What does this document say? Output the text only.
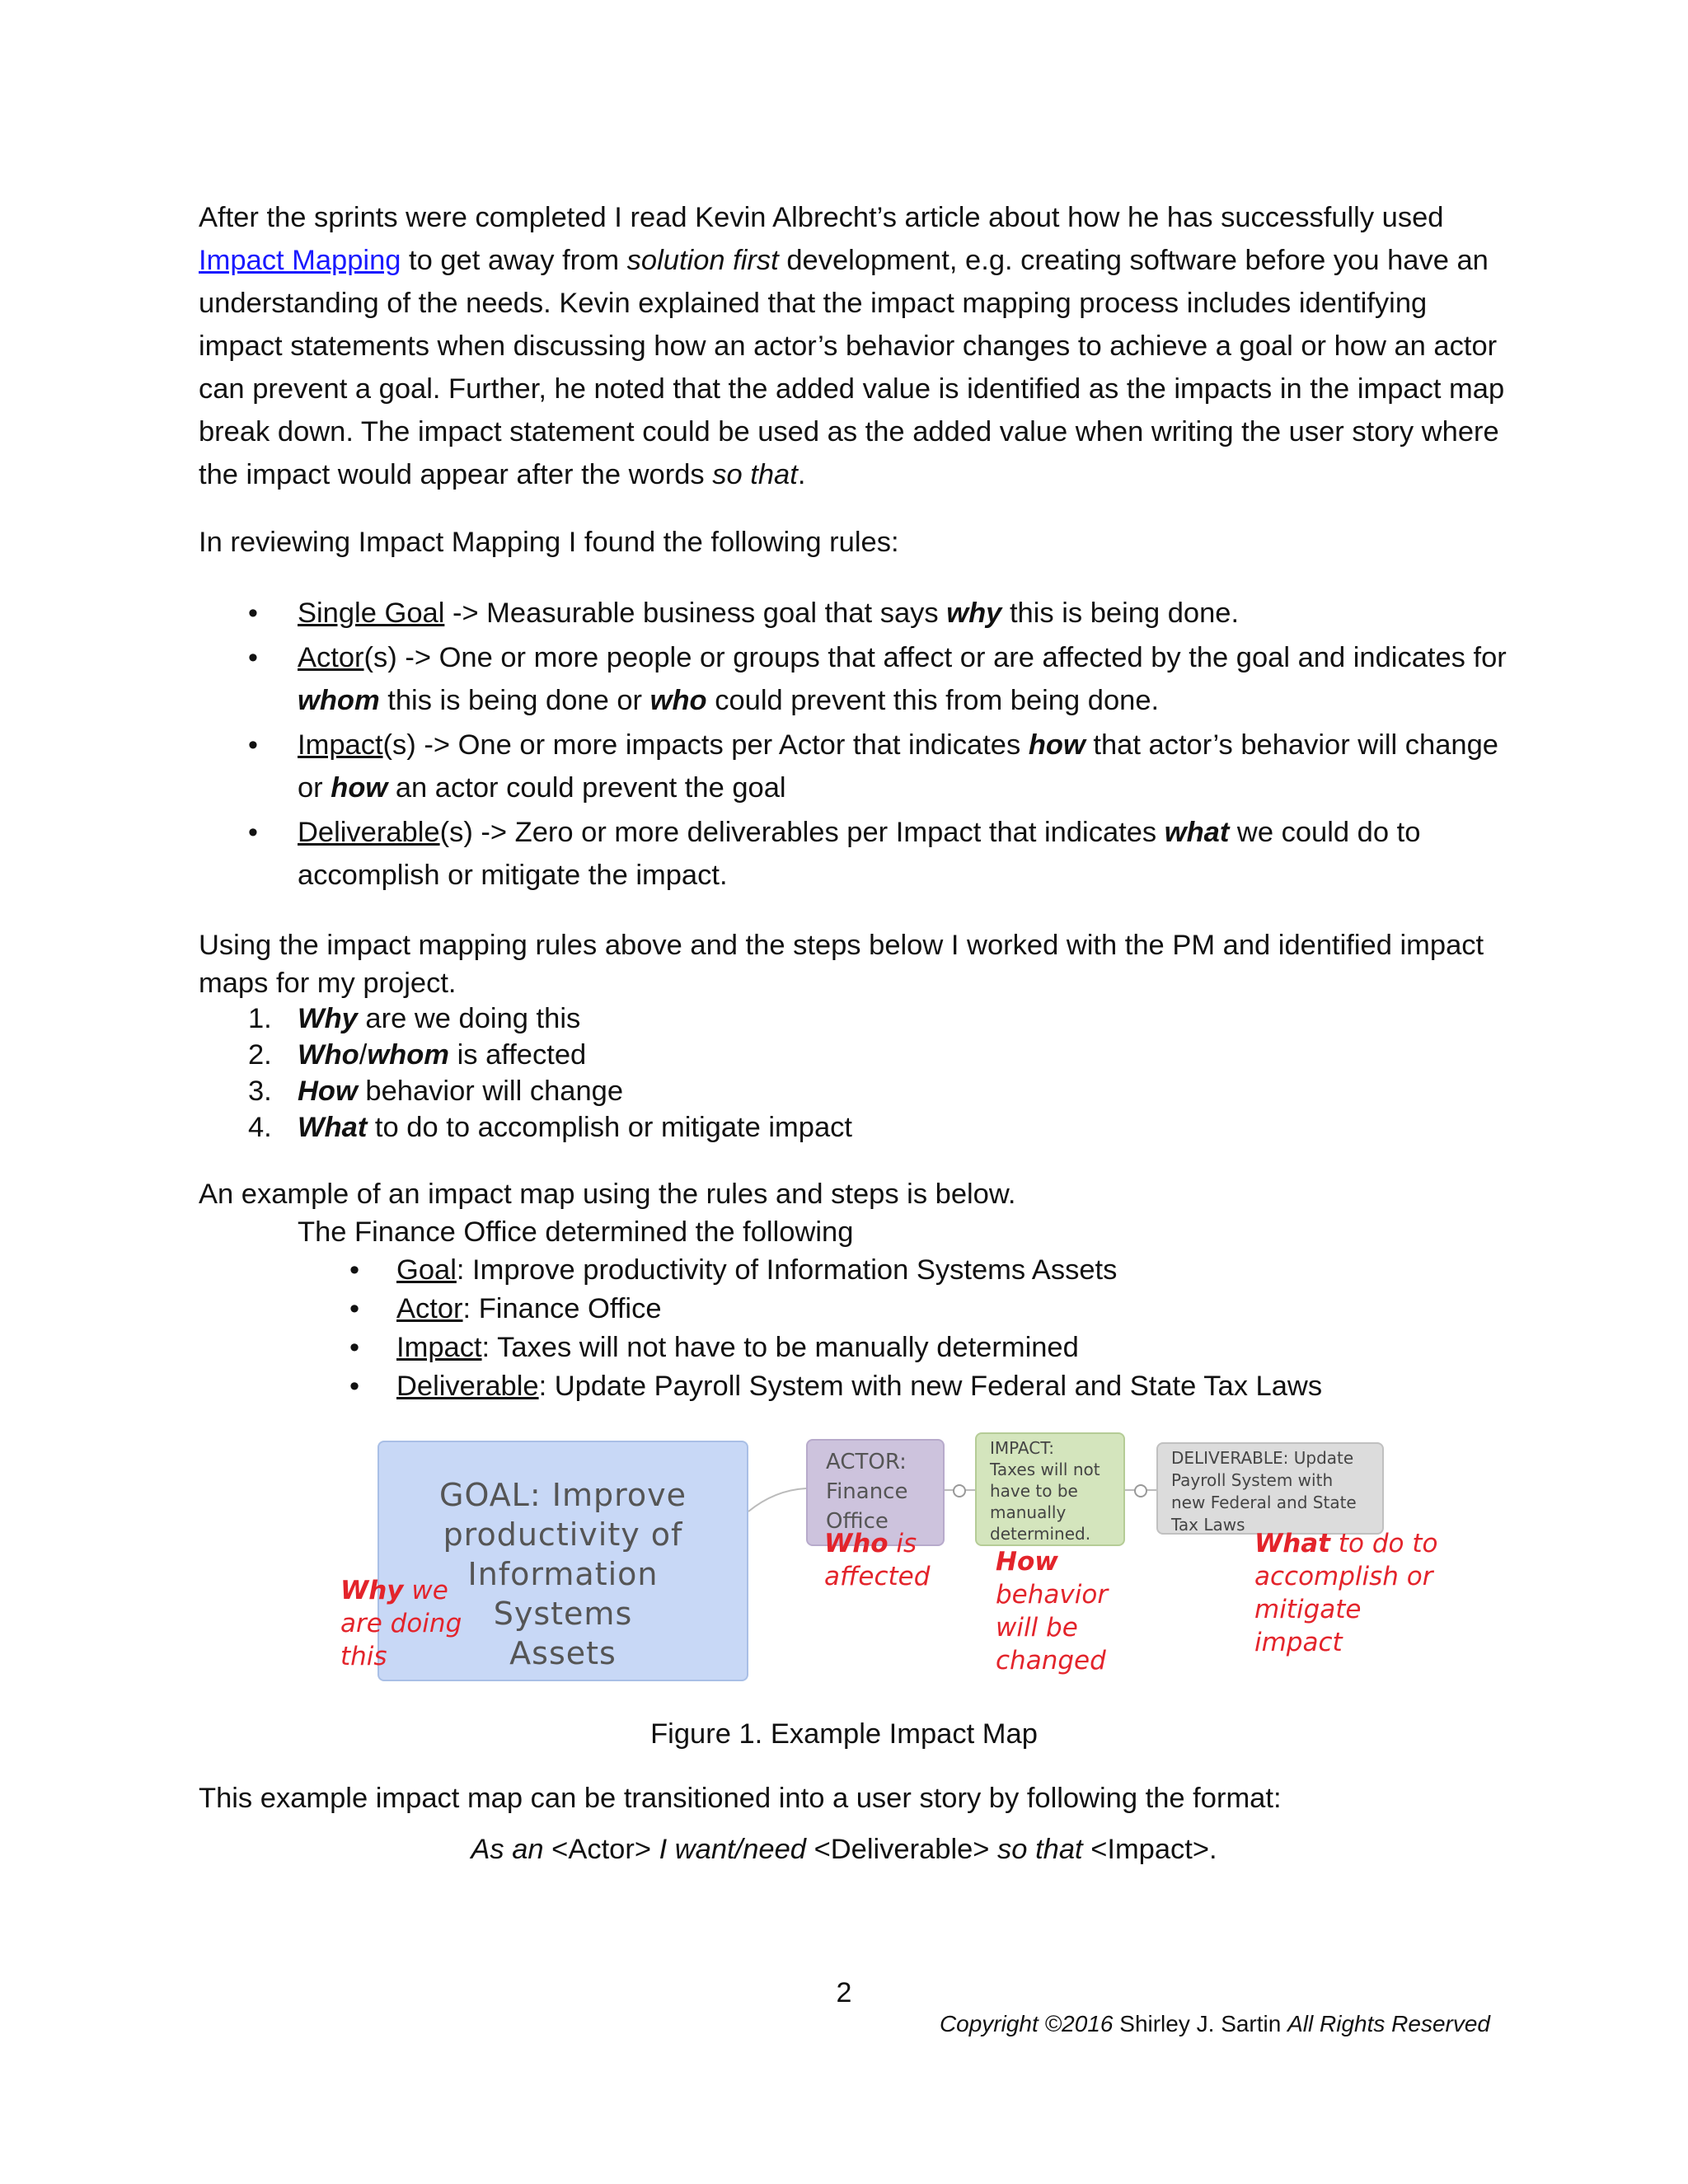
After the sprints were completed I read Kevin Albrecht’s article about how he has successfully used
Impact Mapping to get away from solution first development, e.g. creating software before you have an understanding of the needs. Kevin explained that the impact mapping process includes identifying impact statements when discussing how an actor’s behavior changes to achieve a goal or how an actor can prevent a goal. Further, he noted that the added value is identified as the impacts in the impact map break down. The impact statement could be used as the added value when writing the user story where the impact would appear after the words so that.

In reviewing Impact Mapping I found the following rules:

• Single Goal -> Measurable business goal that says why this is being done.
• Actor(s) -> One or more people or groups that affect or are affected by the goal and indicates for whom this is being done or who could prevent this from being done.
• Impact(s) -> One or more impacts per Actor that indicates how that actor’s behavior will change or how an actor could prevent the goal
• Deliverable(s) -> Zero or more deliverables per Impact that indicates what we could do to accomplish or mitigate the impact.

Using the impact mapping rules above and the steps below I worked with the PM and identified impact maps for my project.

1. Why are we doing this
2. Who/whom is affected
3. How behavior will change
4. What to do to accomplish or mitigate impact

An example of an impact map using the rules and steps is below.

The Finance Office determined the following

• Goal: Improve productivity of Information Systems Assets
• Actor: Finance Office
• Impact: Taxes will not have to be manually determined
• Deliverable: Update Payroll System with new Federal and State Tax Laws
GOAL: Improve
productivity of
Information
Systems
Assets
ACTOR:
Finance
Office
IMPACT:
Taxes will not
have to be
manually
determined.
DELIVERABLE: Update
Payroll System with
new Federal and State
Tax Laws
Why we
are doing
this
Who is
affected	How
behavior
will be
changed
What to do to
accomplish or
mitigate
impact
Figure 1. Example Impact Map

This example impact map can be transitioned into a user story by following the format:

As an <Actor> I want/need <Deliverable> so that <Impact>.
2
Copyright ©2016 Shirley J. Sartin All Rights Reserved
